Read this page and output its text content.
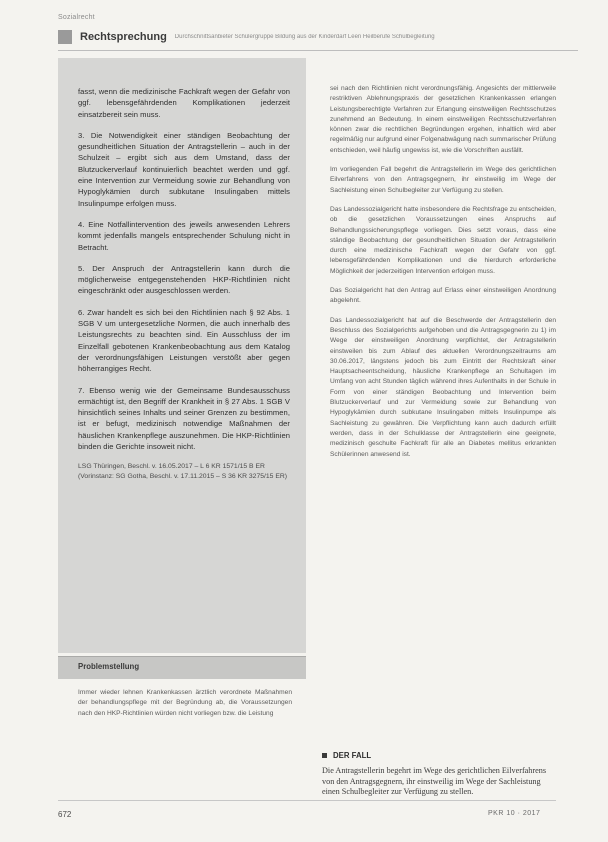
Sozialrecht
Rechtsprechung Durchschnittsanbieter Schülergruppe Bildung aus der Kinderdarf Leen Heilberufe Schulbegleitung

fasst, wenn die medizinische Fachkraft wegen der Gefahr von ggf. lebensgefährdenden Komplikationen jederzeit einsatzbereit sein muss.

3. Die Notwendigkeit einer ständigen Beobachtung der gesundheitlichen Situation der Antragstellerin – auch in der Schulzeit – ergibt sich aus dem Umstand, dass der Blutzuckerverlauf kontinuierlich beachtet werden und ggf. eine Intervention zur Vermeidung sowie zur Behandlung von Hypoglykämien durch subkutane Insulingaben mittels Insulinpumpe erfolgen muss.

4. Eine Notfallintervention des jeweils anwesenden Lehrers kommt jedenfalls mangels entsprechender Schulung nicht in Betracht.

5. Der Anspruch der Antragstellerin kann durch die möglicherweise entgegenstehenden HKP-Richtlinien nicht eingeschränkt oder ausgeschlossen werden.

6. Zwar handelt es sich bei den Richtlinien nach § 92 Abs. 1 SGB V um untergesetzliche Normen, die auch innerhalb des Leistungsrechts zu beachten sind. Ein Ausschluss der im Einzelfall gebotenen Krankenbeobachtung aus dem Katalog der verordnungsfähigen Leistungen verstößt aber gegen höherrangiges Recht.

7. Ebenso wenig wie der Gemeinsame Bundesausschuss ermächtigt ist, den Begriff der Krankheit in § 27 Abs. 1 SGB V hinsichtlich seines Inhalts und seiner Grenzen zu bestimmen, ist er befugt, medizinisch notwendige Maßnahmen der häuslichen Krankenpflege auszunehmen. Die HKP-Richtlinien binden die Gerichte insoweit nicht.

LSG Thüringen, Beschl. v. 16.05.2017 – L 6 KR 1571/15 B ER (Vorinstanz: SG Gotha, Beschl. v. 17.11.2015 – S 36 KR 3275/15 ER)
Problemstellung

Immer wieder lehnen Krankenkassen ärztlich verordnete Maßnahmen der behandlungspflege mit der Begründung ab, die Voraussetzungen nach den HKP-Richtlinien würden nicht vorliegen bzw. die Leistung

sei nach den Richtlinien nicht verordnungsfähig. Angesichts der mittlerweile restriktiven Ablehnungspraxis der gesetzlichen Krankenkassen erlangen Leistungsberechtigte Verfahren zur Erlangung einstweiligen Rechtsschutzes zunehmend an Bedeutung. In einem einstweiligen Rechtsschutzverfahren können zwar die rechtlichen Begründungen ergehen, inhaltlich wird aber regelmäßig nur aufgrund einer Folgenabwägung nach summarischer Prüfung entschieden, weil häufig ungewiss ist, wie die Vorschriften ausfällt.

Im vorliegenden Fall begehrt die Antragstellerin im Wege des gerichtlichen Eilverfahrens von den Antragsgegnern, ihr einstweilig im Wege der Sachleistung einen Schulbegleiter zur Verfügung zu stellen.

Das Landessozialgericht hatte insbesondere die Rechtsfrage zu entscheiden, ob die gesetzlichen Voraussetzungen eines Anspruchs auf Behandlungssicherungspflege vorliegen. Dies setzt voraus, dass eine ständige Beobachtung der gesundheitlichen Situation der Antragstellerin durch eine medizinische Fachkraft wegen der Gefahr von ggf. lebensgefährdenden Komplikationen und die hierdurch erforderliche Möglichkeit der jederzeitigen Intervention erfolgen muss.

Das Sozialgericht hat den Antrag auf Erlass einer einstweiligen Anordnung abgelehnt.

Das Landessozialgericht hat auf die Beschwerde der Antragstellerin den Beschluss des Sozialgerichts aufgehoben und die Antragsgegnerin zu 1) im Wege der einstweiligen Anordnung verpflichtet, der Antragstellerin einstweilen bis zum Ablauf des aktuellen Verordnungszeitraums am 30.06.2017, längstens jedoch bis zum Eintritt der Rechtskraft einer Hauptsacheentscheidung, häusliche Krankenpflege an Schultagen im Umfang von acht Stunden täglich während ihres Aufenthalts in der Schule in Form von einer ständigen Beobachtung und Intervention beim Blutzuckerverlauf und zur Vermeidung sowie zur Behandlung von Hypoglykämien durch subkutane Insulingaben mittels Insulinpumpe als Sachleistung zu gewähren. Die Verpflichtung kann auch dadurch erfüllt werden, dass in der Schulklasse der Antragstellerin eine geeignete, medizinisch geschulte Fachkraft für alle an Diabetes mellitus erkrankten Schülerinnen anwesend ist.

DER FALL
Die Antragstellerin begehrt im Wege des gerichtlichen Eilverfahrens von den Antragsgegnern, ihr einstweilig im Wege der Sachleistung einen Schulbegleiter zur Verfügung zu stellen.
672	PKR 10 · 2017
